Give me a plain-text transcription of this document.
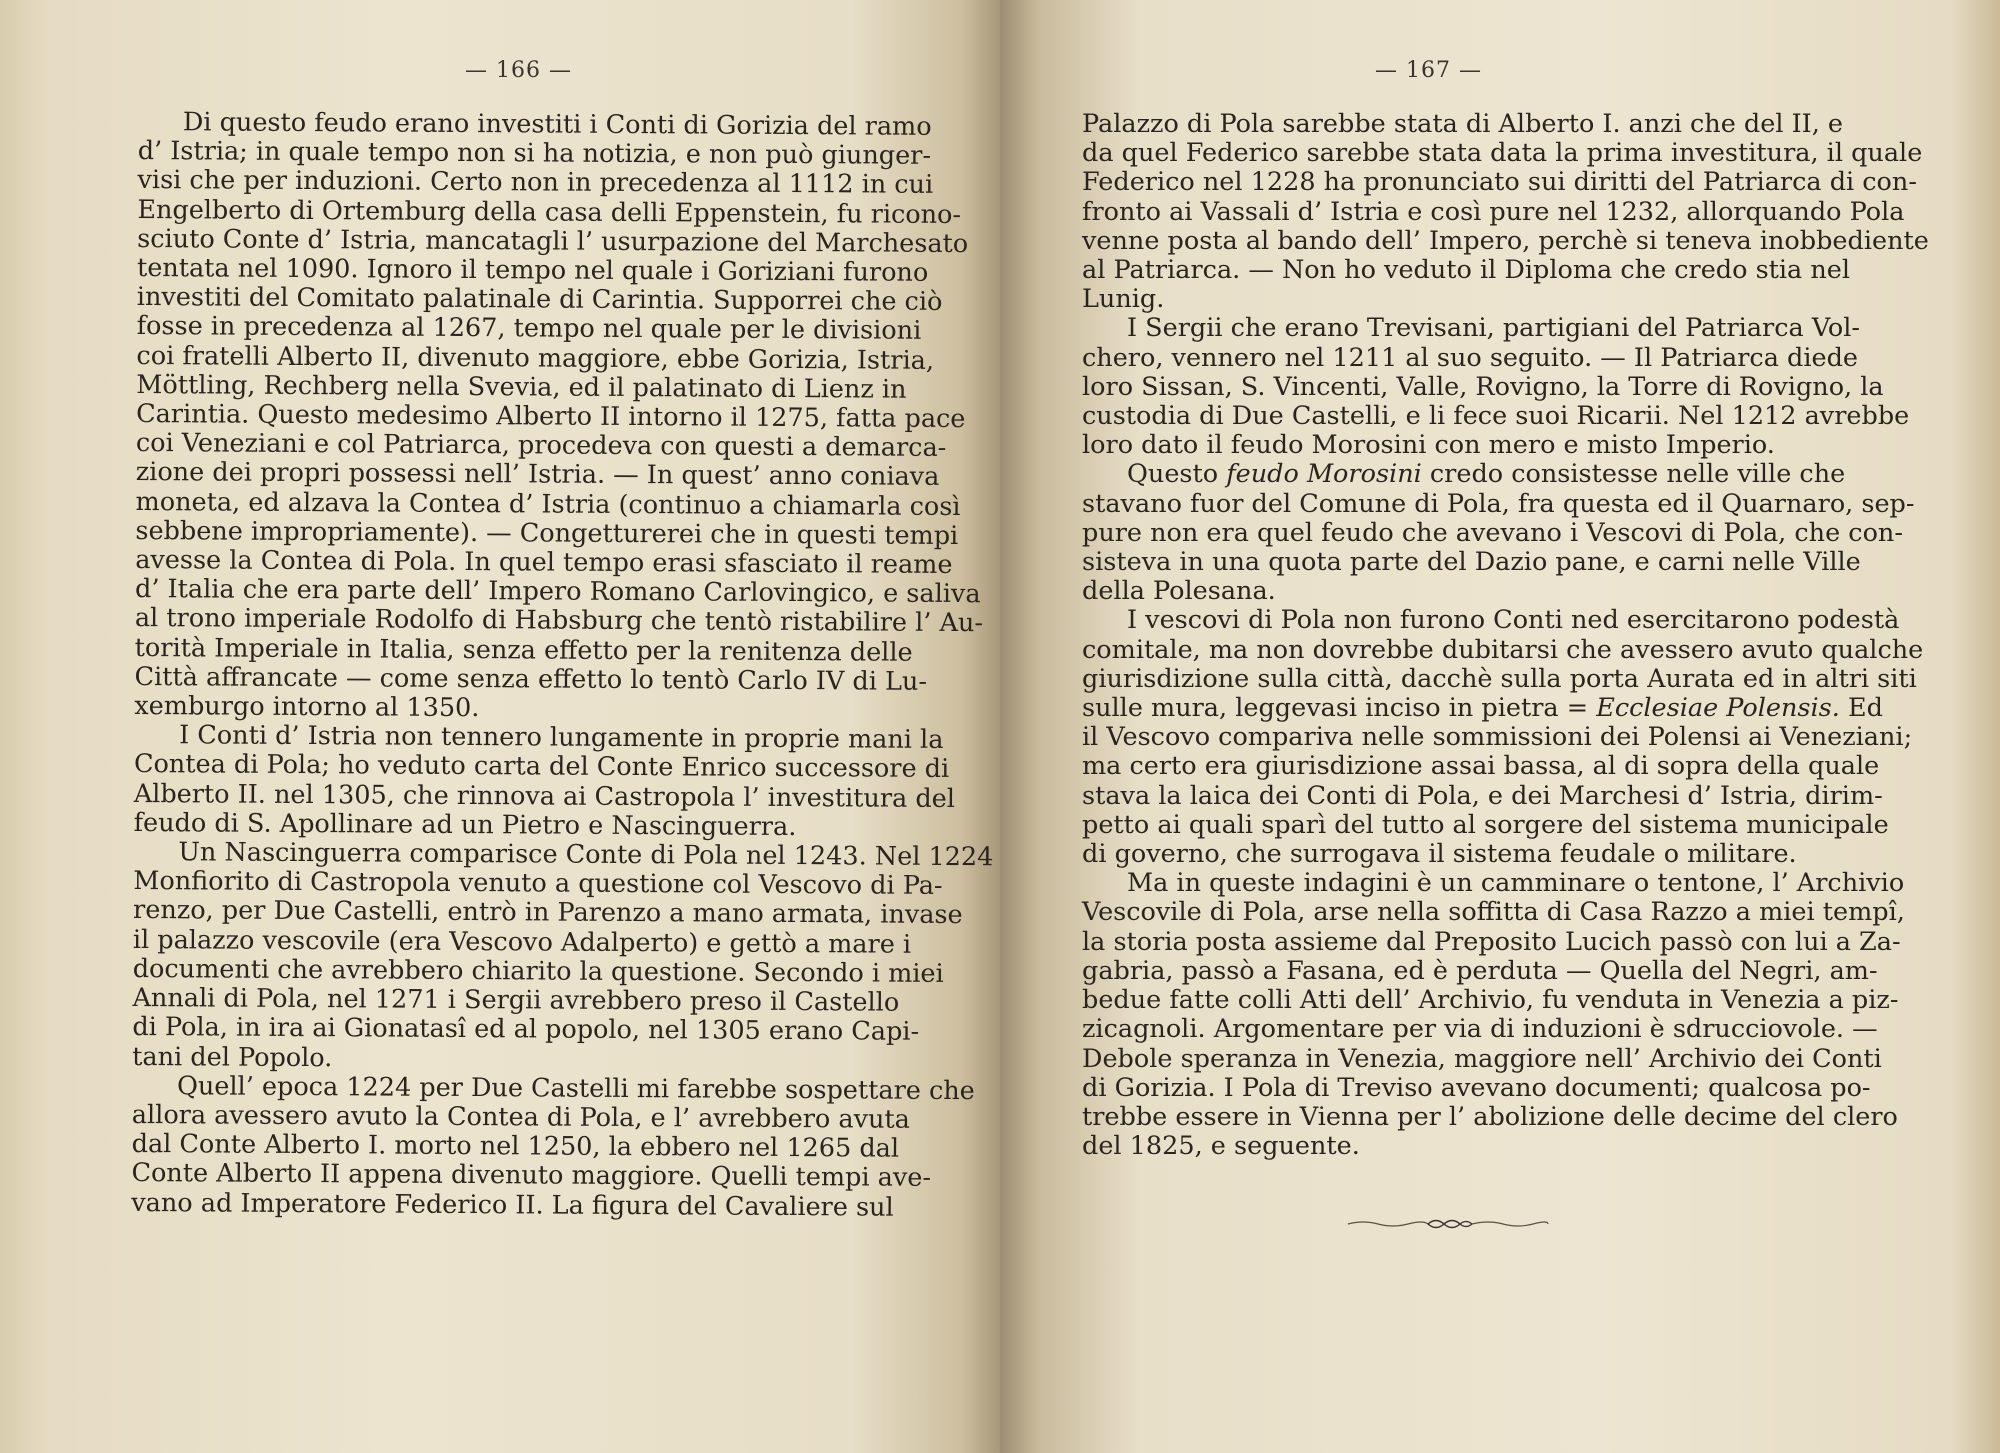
— 166 —
Di questo feudo erano investiti i Conti di Gorizia del ramo
d’ Istria; in quale tempo non si ha notizia, e non può giunger-
visi che per induzioni. Certo non in precedenza al 1112 in cui
Engelberto di Ortemburg della casa delli Eppenstein, fu ricono-
sciuto Conte d’ Istria, mancatagli l’ usurpazione del Marchesato
tentata nel 1090. Ignoro il tempo nel quale i Goriziani furono
investiti del Comitato palatinale di Carintia. Supporrei che ciò
fosse in precedenza al 1267, tempo nel quale per le divisioni
coi fratelli Alberto II, divenuto maggiore, ebbe Gorizia, Istria,
Möttling, Rechberg nella Svevia, ed il palatinato di Lienz in
Carintia. Questo medesimo Alberto II intorno il 1275, fatta pace
coi Veneziani e col Patriarca, procedeva con questi a demarca-
zione dei propri possessi nell’ Istria. — In quest’ anno coniava
moneta, ed alzava la Contea d’ Istria (continuo a chiamarla così
sebbene impropriamente). — Congetturerei che in questi tempi
avesse la Contea di Pola. In quel tempo erasi sfasciato il reame
d’ Italia che era parte dell’ Impero Romano Carlovingico, e saliva
al trono imperiale Rodolfo di Habsburg che tentò ristabilire l’ Au-
torità Imperiale in Italia, senza effetto per la renitenza delle
Città affrancate — come senza effetto lo tentò Carlo IV di Lu-
xemburgo intorno al 1350.
I Conti d’ Istria non tennero lungamente in proprie mani la
Contea di Pola; ho veduto carta del Conte Enrico successore di
Alberto II. nel 1305, che rinnova ai Castropola l’ investitura del
feudo di S. Apollinare ad un Pietro e Nascinguerra.
Un Nascinguerra comparisce Conte di Pola nel 1243. Nel 1224
Monfiorito di Castropola venuto a questione col Vescovo di Pa-
renzo, per Due Castelli, entrò in Parenzo a mano armata, invase
il palazzo vescovile (era Vescovo Adalperto) e gettò a mare i
documenti che avrebbero chiarito la questione. Secondo i miei
Annali di Pola, nel 1271 i Sergii avrebbero preso il Castello
di Pola, in ira ai Gionatasî ed al popolo, nel 1305 erano Capi-
tani del Popolo.
Quell’ epoca 1224 per Due Castelli mi farebbe sospettare che
allora avessero avuto la Contea di Pola, e l’ avrebbero avuta
dal Conte Alberto I. morto nel 1250, la ebbero nel 1265 dal
Conte Alberto II appena divenuto maggiore. Quelli tempi ave-
vano ad Imperatore Federico II. La figura del Cavaliere sul
— 167 —
Palazzo di Pola sarebbe stata di Alberto I. anzi che del II, e
da quel Federico sarebbe stata data la prima investitura, il quale
Federico nel 1228 ha pronunciato sui diritti del Patriarca di con-
fronto ai Vassali d’ Istria e così pure nel 1232, allorquando Pola
venne posta al bando dell’ Impero, perchè si teneva inobbediente
al Patriarca. — Non ho veduto il Diploma che credo stia nel
Lunig.
I Sergii che erano Trevisani, partigiani del Patriarca Vol-
chero, vennero nel 1211 al suo seguito. — Il Patriarca diede
loro Sissan, S. Vincenti, Valle, Rovigno, la Torre di Rovigno, la
custodia di Due Castelli, e li fece suoi Ricarii. Nel 1212 avrebbe
loro dato il feudo Morosini con mero e misto Imperio.
Questo feudo Morosini credo consistesse nelle ville che
stavano fuor del Comune di Pola, fra questa ed il Quarnaro, sep-
pure non era quel feudo che avevano i Vescovi di Pola, che con-
sisteva in una quota parte del Dazio pane, e carni nelle Ville
della Polesana.
I vescovi di Pola non furono Conti ned esercitarono podestà
comitale, ma non dovrebbe dubitarsi che avessero avuto qualche
giurisdizione sulla città, dacchè sulla porta Aurata ed in altri siti
sulle mura, leggevasi inciso in pietra = Ecclesiae Polensis. Ed
il Vescovo compariva nelle sommissioni dei Polensi ai Veneziani;
ma certo era giurisdizione assai bassa, al di sopra della quale
stava la laica dei Conti di Pola, e dei Marchesi d’ Istria, dirim-
petto ai quali sparì del tutto al sorgere del sistema municipale
di governo, che surrogava il sistema feudale o militare.
Ma in queste indagini è un camminare o tentone, l’ Archivio
Vescovile di Pola, arse nella soffitta di Casa Razzo a miei tempî,
la storia posta assieme dal Preposito Lucich passò con lui a Za-
gabria, passò a Fasana, ed è perduta — Quella del Negri, am-
bedue fatte colli Atti dell’ Archivio, fu venduta in Venezia a piz-
zicagnoli. Argomentare per via di induzioni è sdrucciovole. —
Debole speranza in Venezia, maggiore nell’ Archivio dei Conti
di Gorizia. I Pola di Treviso avevano documenti; qualcosa po-
trebbe essere in Vienna per l’ abolizione delle decime del clero
del 1825, e seguente.
